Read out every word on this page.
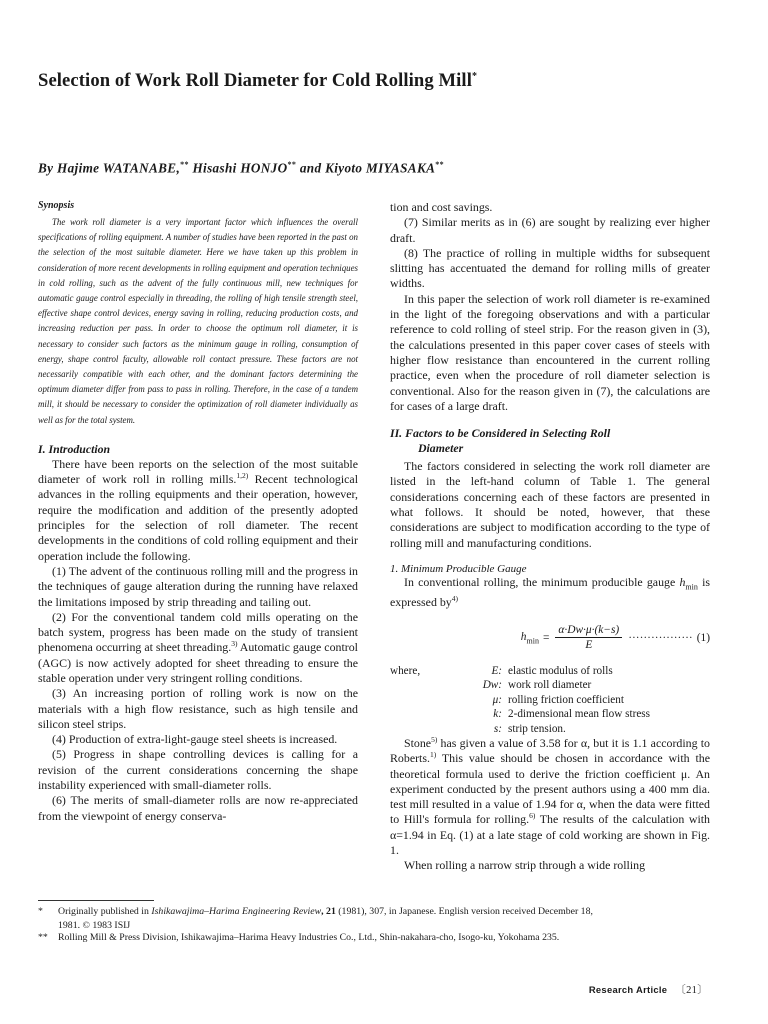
Selection of Work Roll Diameter for Cold Rolling Mill*
By Hajime WATANABE,** Hisashi HONJO** and Kiyoto MIYASAKA**
Synopsis

The work roll diameter is a very important factor which influences the overall specifications of rolling equipment. A number of studies have been reported in the past on the selection of the most suitable diameter. Here we have taken up this problem in consideration of more recent developments in rolling equipment and operation techniques in cold rolling, such as the advent of the fully continuous mill, new techniques for automatic gauge control especially in threading, the rolling of high tensile strength steel, effective shape control devices, energy saving in rolling, reducing production costs, and increasing reduction per pass. In order to choose the optimum roll diameter, it is necessary to consider such factors as the minimum gauge in rolling, consumption of energy, shape control faculty, allowable roll contact pressure. These factors are not necessarily compatible with each other, and the dominant factors determining the optimum diameter differ from pass to pass in rolling. Therefore, in the case of a tandem mill, it should be necessary to consider the optimization of roll diameter individually as well as for the total system.

I. Introduction

There have been reports on the selection of the most suitable diameter of work roll in rolling mills.$^{1,2)}$ Recent technological advances in the rolling equipments and their operation, however, require the modification and addition of the presently adopted principles for the selection of roll diameter. The recent developments in the conditions of cold rolling equipment and their operation include the following.

(1) The advent of the continuous rolling mill and the progress in the techniques of gauge alteration during the running have relaxed the limitations imposed by strip threading and tailing out.

(2) For the conventional tandem cold mills operating on the batch system, progress has been made on the study of transient phenomena occurring at sheet threading.$^{3)}$ Automatic gauge control (AGC) is now actively adopted for sheet threading to ensure the stable operation under very stringent rolling conditions.

(3) An increasing portion of rolling work is now on the materials with a high flow resistance, such as high tensile and silicon steel strips.

(4) Production of extra-light-gauge steel sheets is increased.

(5) Progress in shape controlling devices is calling for a revision of the current considerations concerning the shape instability experienced with small-diameter rolls.

(6) The merits of small-diameter rolls are now re-appreciated from the viewpoint of energy conserva-

tion and cost savings.

(7) Similar merits as in (6) are sought by realizing ever higher draft.

(8) The practice of rolling in multiple widths for subsequent slitting has accentuated the demand for rolling mills of greater widths.

In this paper the selection of work roll diameter is re-examined in the light of the foregoing observations and with a particular reference to cold rolling of steel strip. For the reason given in (3), the calculations presented in this paper cover cases of steels with higher flow resistance than encountered in the current rolling practice, even when the procedure of roll diameter selection is conventional. Also for the reason given in (7), the calculations are for cases of a large draft.

II. Factors to be Considered in Selecting Roll
Diameter

The factors considered in selecting the work roll diameter are listed in the left-hand column of Table 1. The general considerations concerning each of these factors are presented in what follows. It should be noted, however, that these considerations are subject to modification according to the type of rolling mill and manufacturing conditions.

1. Minimum Producible Gauge

In conventional rolling, the minimum producible gauge $h_{min}$ is expressed $by^{4)}$

$h_{min} = \frac{\alpha\cdot Dw\cdot\mu\cdot(k-s)}{E}$ ················· (1)
where,	E: elastic modulus of rolls
Dw: work roll diameter
μ: rolling friction coefficient
k: 2-dimensional mean flow stress
s: strip tension.

Stone$^{5)}$ has given a value of 3.58 for α, but it is 1.1 according to Roberts.$^{1)}$ This value should be chosen in accordance with the theoretical formula used to derive the friction coefficient μ. An experiment conducted by the present authors using a 400 mm dia. test mill resulted in a value of 1.94 for α, when the data were fitted to Hill's formula for rolling.$^{6)}$ The results of the calculation with α=1.94 in Eq. (1) at a late stage of cold working are shown in Fig. 1.

When rolling a narrow strip through a wide rolling

* Originally published in Ishikawajima–Harima Engineering Review, 21 (1981), 307, in Japanese. English version received December 18,
1981. © 1983 ISIJ

** Rolling Mill & Press Division, Ishikawajima–Harima Heavy Industries Co., Ltd., Shin-nakahara-cho, Isogo-ku, Yokohama 235.

Research Article 〔21〕
